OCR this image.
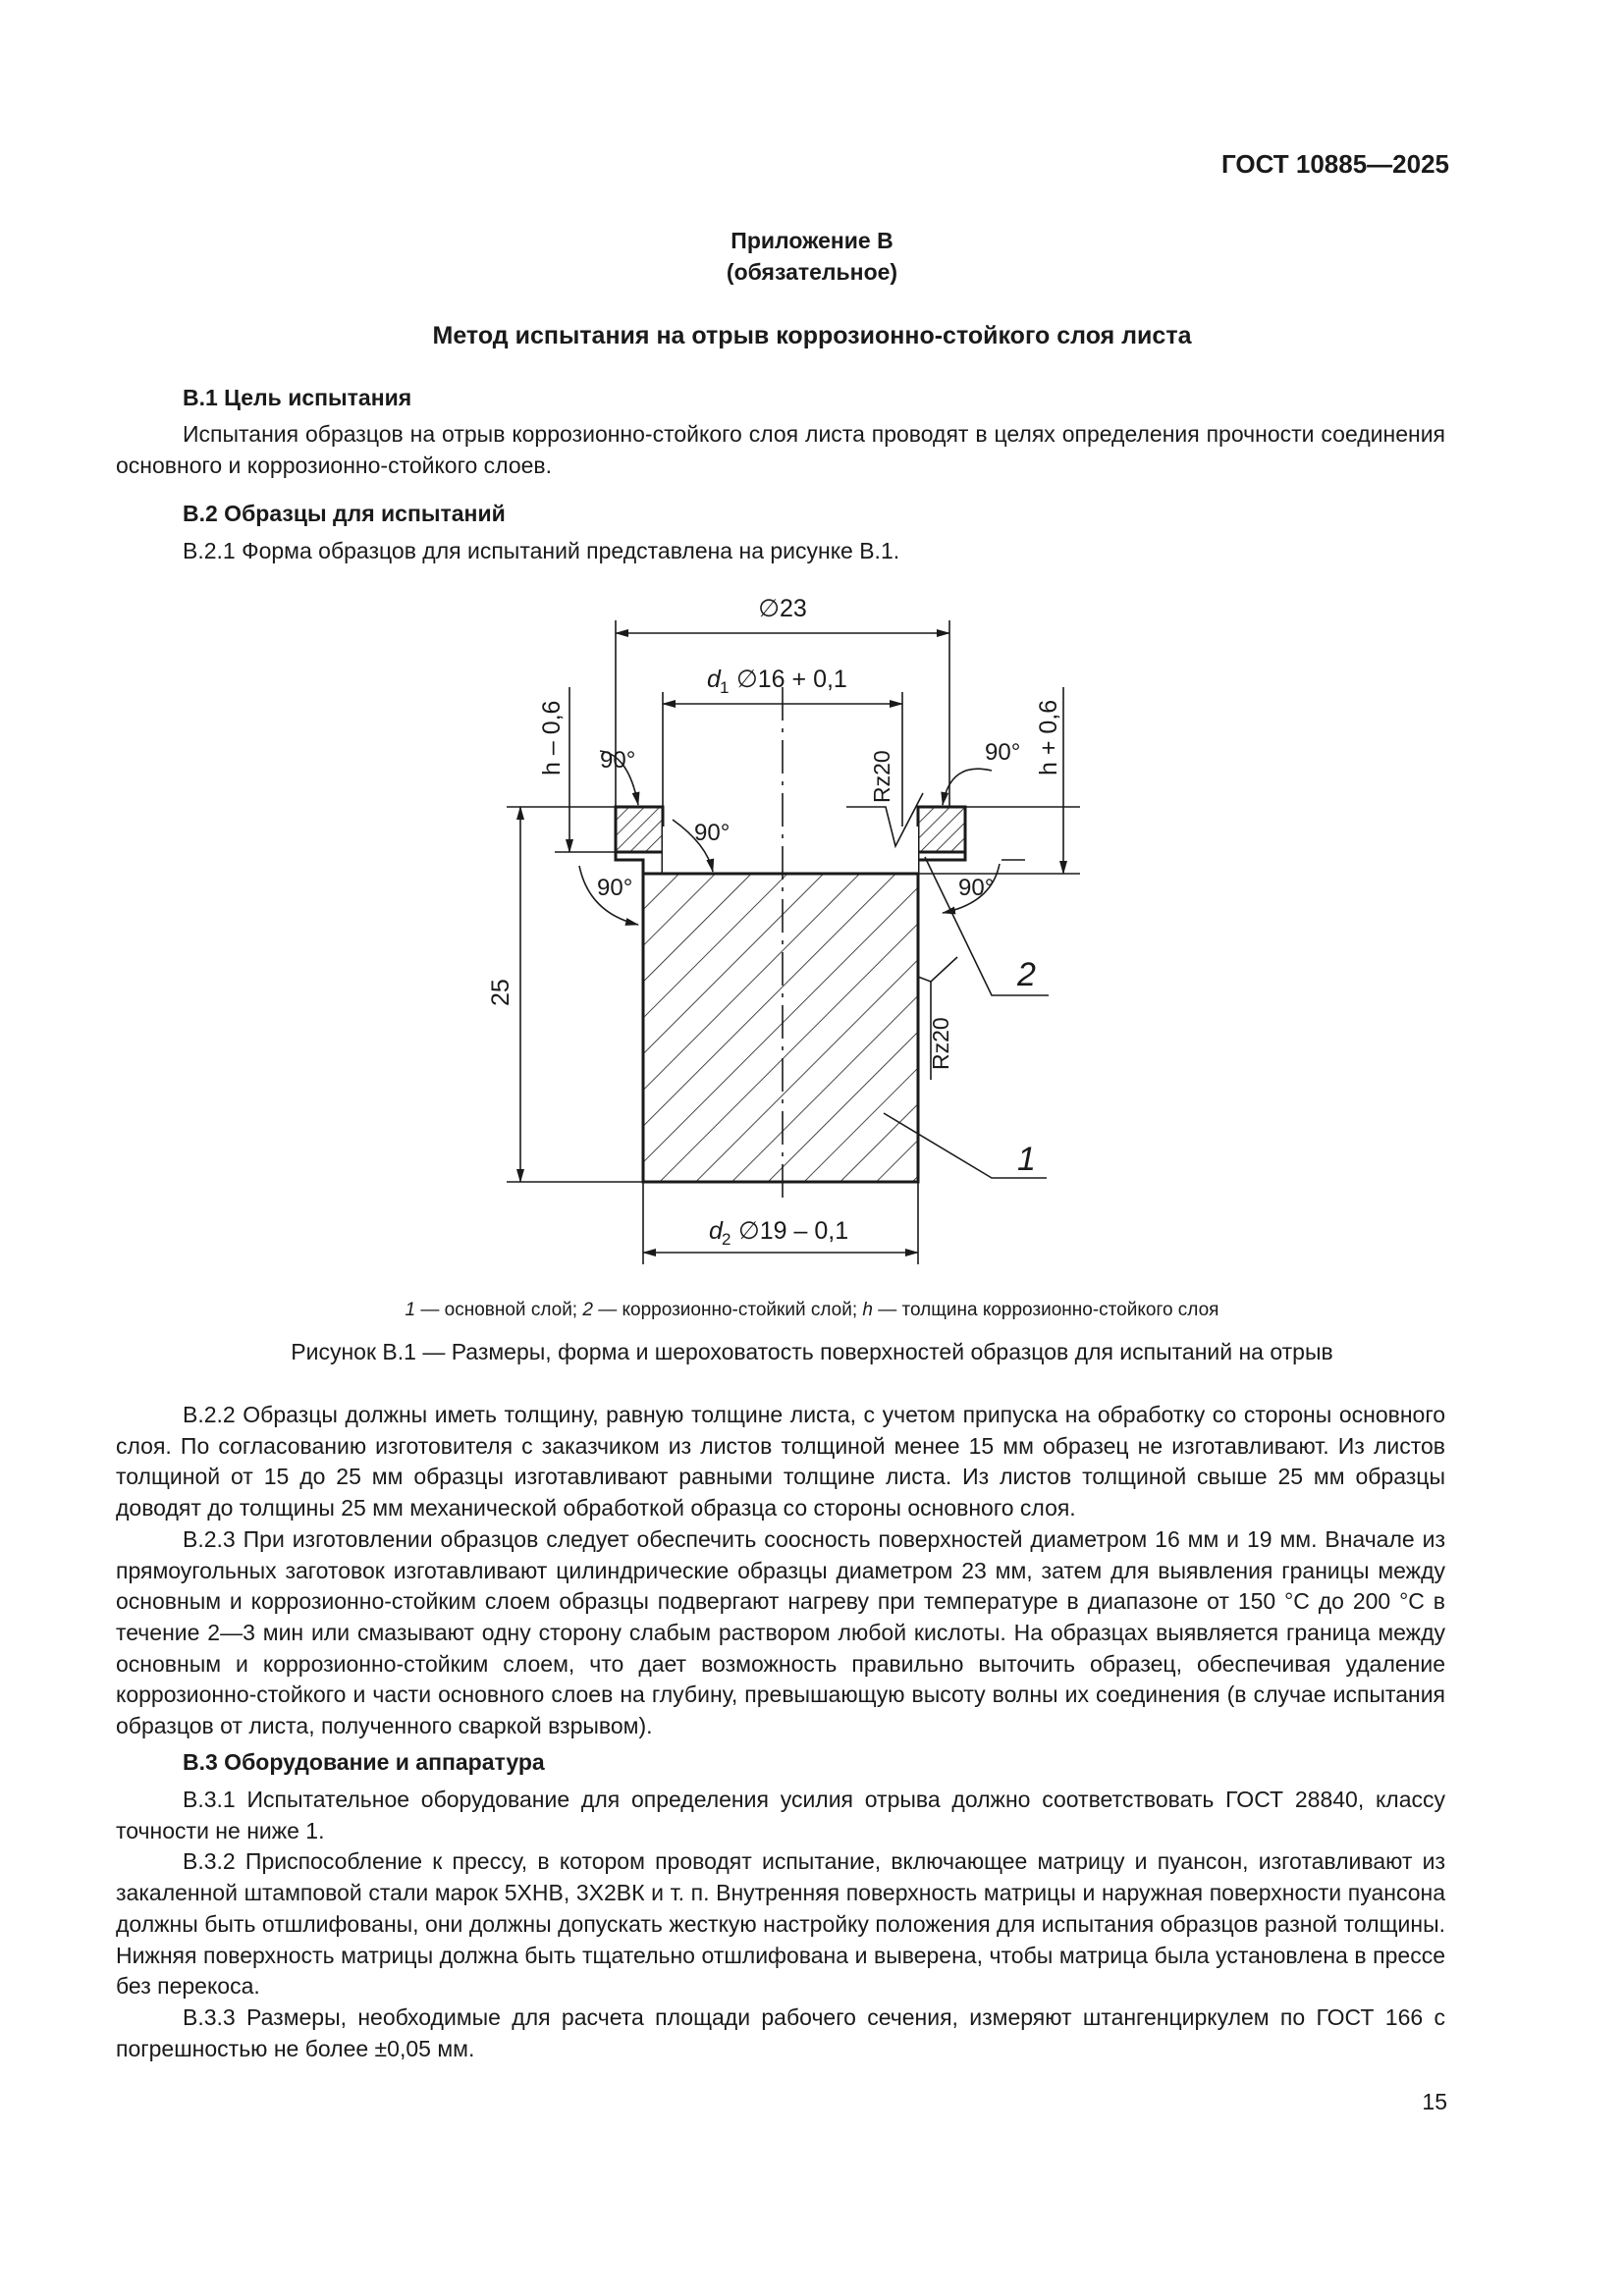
ГОСТ 10885—2025
Приложение В
(обязательное)
Метод испытания на отрыв коррозионно-стойкого слоя листа
В.1 Цель испытания

Испытания образцов на отрыв коррозионно-стойкого слоя листа проводят в целях определения прочности соединения основного и коррозионно-стойкого слоев.

В.2 Образцы для испытаний

В.2.1 Форма образцов для испытаний представлена на рисунке В.1.

∅23
d 1 ∅16 + 0,1
d 2 ∅19 – 0,1
h – 0,6	h + 0,6
25
90°
90°
90°
90°
90°
Rz20
Rz20
2
1
1 — основной слой; 2 — коррозионно-стойкий слой; h — толщина коррозионно-стойкого слоя
Рисунок В.1 — Размеры, форма и шероховатость поверхностей образцов для испытаний на отрыв

В.2.2 Образцы должны иметь толщину, равную толщине листа, с учетом припуска на обработку со стороны основного слоя. По согласованию изготовителя с заказчиком из листов толщиной менее 15 мм образец не изготавливают. Из листов толщиной от 15 до 25 мм образцы изготавливают равными толщине листа. Из листов толщиной свыше 25 мм образцы доводят до толщины 25 мм механической обработкой образца со стороны основного слоя.

В.2.3 При изготовлении образцов следует обеспечить соосность поверхностей диаметром 16 мм и 19 мм. Вначале из прямоугольных заготовок изготавливают цилиндрические образцы диаметром 23 мм, затем для выявления границы между основным и коррозионно-стойким слоем образцы подвергают нагреву при температуре в диапазоне от 150 °С до 200 °С в течение 2—3 мин или смазывают одну сторону слабым раствором любой кислоты. На образцах выявляется граница между основным и коррозионно-стойким слоем, что дает возможность правильно выточить образец, обеспечивая удаление коррозионно-стойкого и части основного слоев на глубину, превышающую высоту волны их соединения (в случае испытания образцов от листа, полученного сваркой взрывом).

В.3 Оборудование и аппаратура

В.3.1 Испытательное оборудование для определения усилия отрыва должно соответствовать ГОСТ 28840, классу точности не ниже 1.

В.3.2 Приспособление к прессу, в котором проводят испытание, включающее матрицу и пуансон, изготавливают из закаленной штамповой стали марок 5ХНВ, 3Х2ВК и т. п. Внутренняя поверхность матрицы и наружная поверхности пуансона должны быть отшлифованы, они должны допускать жесткую настройку положения для испытания образцов разной толщины. Нижняя поверхность матрицы должна быть тщательно отшлифована и выверена, чтобы матрица была установлена в прессе без перекоса.

В.3.3 Размеры, необходимые для расчета площади рабочего сечения, измеряют штангенциркулем по ГОСТ 166 с погрешностью не более ±0,05 мм.

15
